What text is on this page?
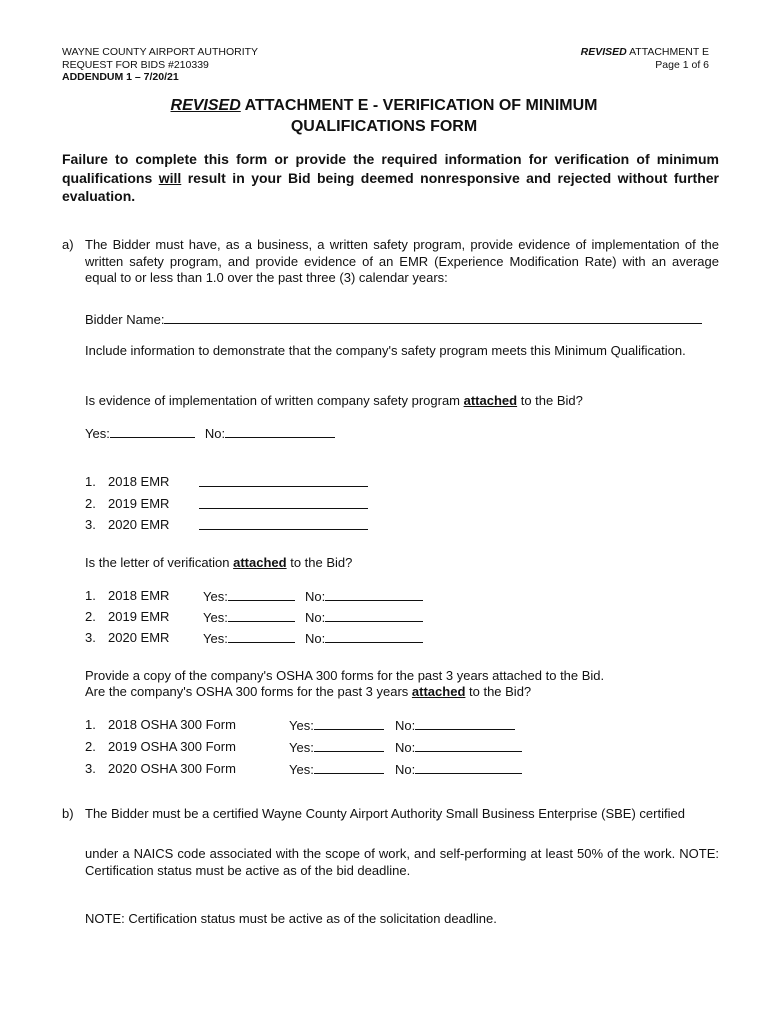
WAYNE COUNTY AIRPORT AUTHORITY
REQUEST FOR BIDS #210339
ADDENDUM 1 – 7/20/21
REVISED ATTACHMENT E
Page 1 of 6
REVISED ATTACHMENT E - VERIFICATION OF MINIMUM
QUALIFICATIONS FORM
Failure to complete this form or provide the required information for verification of minimum qualifications will result in your Bid being deemed nonresponsive and rejected without further evaluation.
a) The Bidder must have, as a business, a written safety program, provide evidence of implementation of the written safety program, and provide evidence of an EMR (Experience Modification Rate) with an average equal to or less than 1.0 over the past three (3) calendar years:
Bidder Name:
Include information to demonstrate that the company's safety program meets this Minimum Qualification.
Is evidence of implementation of written company safety program attached to the Bid?
Yes:	No:
1. 2018 EMR
2. 2019 EMR
3. 2020 EMR
Is the letter of verification attached to the Bid?
1. 2018 EMR	Yes:	No:
2. 2019 EMR	Yes:	No:
3. 2020 EMR	Yes:	No:
Provide a copy of the company's OSHA 300 forms for the past 3 years attached to the Bid.
Are the company's OSHA 300 forms for the past 3 years attached to the Bid?
1. 2018 OSHA 300 Form	Yes:	No:
2. 2019 OSHA 300 Form	Yes:	No:
3. 2020 OSHA 300 Form	Yes:	No:
b) The Bidder must be a certified Wayne County Airport Authority Small Business Enterprise (SBE) certified
under a NAICS code associated with the scope of work, and self-performing at least 50% of the work. NOTE: Certification status must be active as of the bid deadline.
NOTE: Certification status must be active as of the solicitation deadline.
